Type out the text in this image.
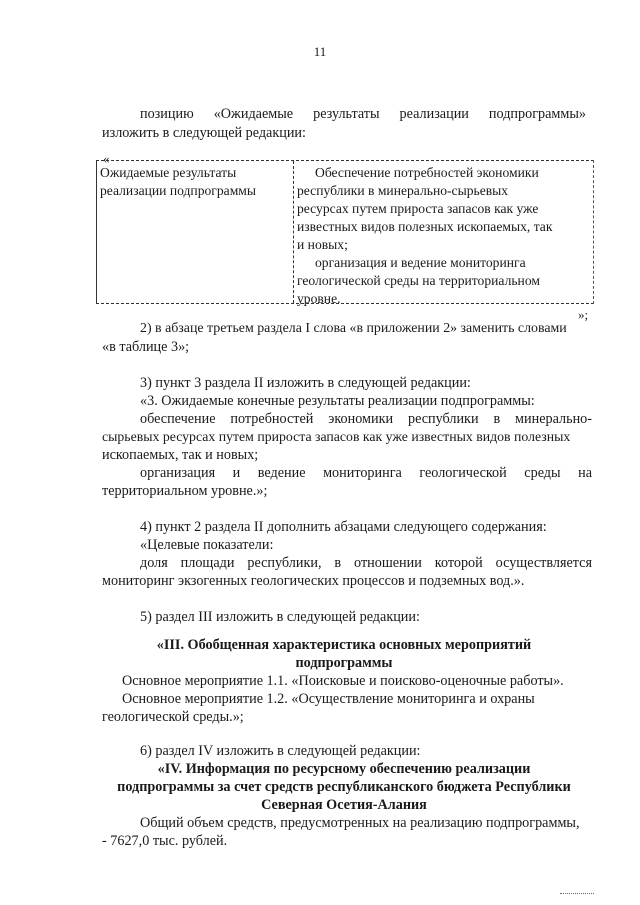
11
позицию «Ожидаемые результаты реализации подпрограммы»
изложить в следующей редакции:
«
Ожидаемые результаты
реализации подпрограммы
Обеспечение потребностей экономики
республики в минерально-сырьевых
ресурсах путем прироста запасов как уже
известных видов полезных ископаемых, так
и новых;
организация и ведение мониторинга
геологической среды на территориальном
уровне.
»;
2) в абзаце третьем раздела I слова «в приложении 2» заменить словами
«в таблице 3»;
3) пункт 3 раздела II изложить в следующей редакции:
«3. Ожидаемые конечные результаты реализации подпрограммы:
обеспечение потребностей экономики республики в минерально-
сырьевых ресурсах путем прироста запасов как уже известных видов полезных
ископаемых, так и новых;
организация и ведение мониторинга геологической среды на
территориальном уровне.»;
4) пункт 2 раздела II дополнить абзацами следующего содержания:
«Целевые показатели:
доля площади республики, в отношении которой осуществляется
мониторинг экзогенных геологических процессов и подземных вод.».
5) раздел III изложить в следующей редакции:
«III. Обобщенная характеристика основных мероприятий
подпрограммы
Основное мероприятие 1.1. «Поисковые и поисково-оценочные работы».
Основное мероприятие 1.2. «Осуществление мониторинга и охраны
геологической среды.»;
6) раздел IV изложить в следующей редакции:
«IV. Информация по ресурсному обеспечению реализации
подпрограммы за счет средств республиканского бюджета Республики
Северная Осетия-Алания
Общий объем средств, предусмотренных на реализацию подпрограммы,
- 7627,0 тыс. рублей.
